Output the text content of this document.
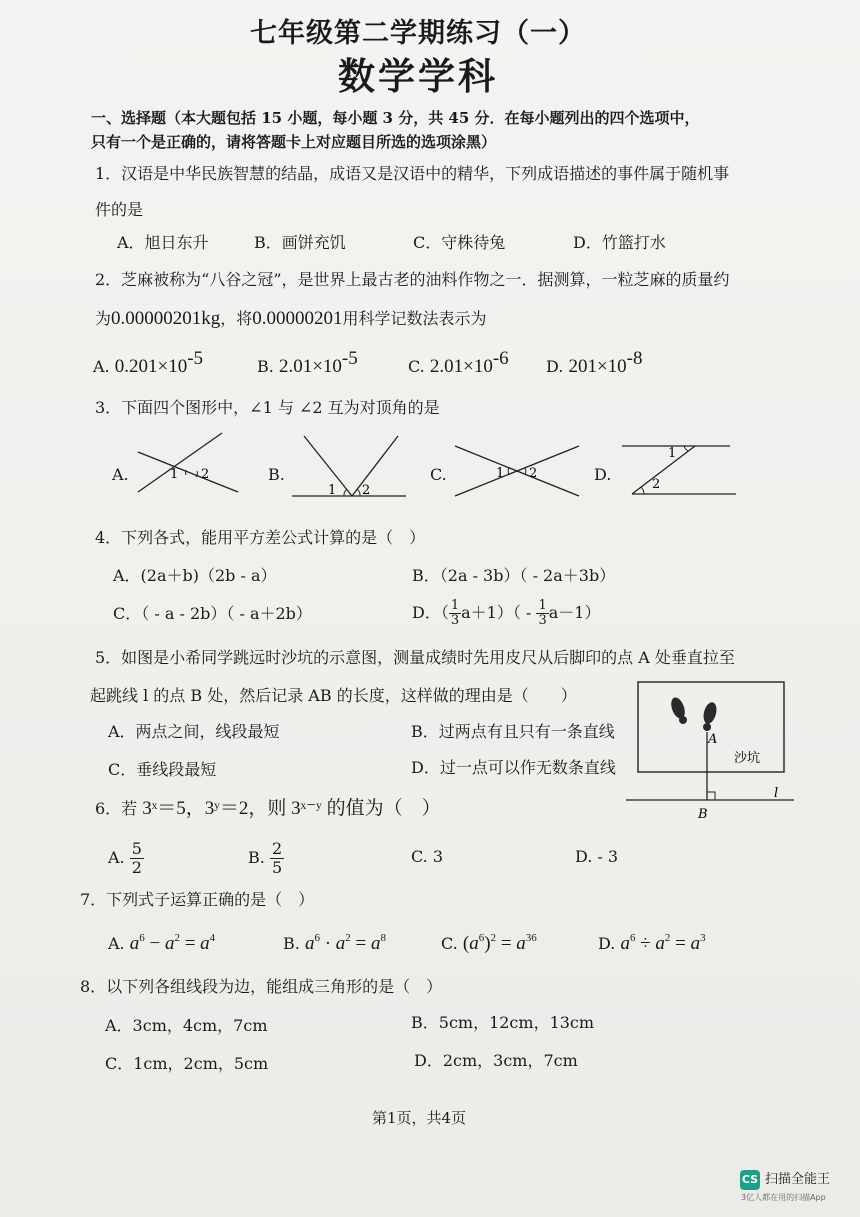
七年级第二学期练习（一）
数学学科
一、选择题（本大题包括 15 小题，每小题 3 分，共 45 分．在每小题列出的四个选项中，
只有一个是正确的，请将答题卡上对应题目所选的选项涂黑）
1．汉语是中华民族智慧的结晶，成语又是汉语中的精华，下列成语描述的事件属于随机事
件的是
A．旭日东升	B．画饼充饥	C．守株待兔	D．竹篮打水
2．芝麻被称为“八谷之冠”，是世界上最古老的油料作物之一．据测算，一粒芝麻的质量约
为0.00000201kg，将0.00000201用科学记数法表示为
A. $0.201\times 10^{-5}$	B. $2.01\times 10^{-5}$	C. $2.01\times 10^{-6}$ D. $201\times 10^{-8}$
3．下面四个图形中，∠1 与 ∠2 互为对顶角的是
A.	B.	C.	D.
1 2
1 2
1 2
1
2
4．下列各式，能用平方差公式计算的是（　）
A．(2a＋b)（2b - a）	B．（2a - 3b）（ - 2a＋3b）
C．（ - a - 2b）（ - a＋2b）	D．（ $\frac{1}{3} a+1)( - \frac{1}{3} a-1)$
5．如图是小希同学跳远时沙坑的示意图，测量成绩时先用皮尺从后脚印的点 A 处垂直拉至
起跳线 l 的点 B 处，然后记录 AB 的长度，这样做的理由是（　　）
A．两点之间，线段最短	B．过两点有且只有一条直线
C．垂线段最短	D．过一点可以作无数条直线
A
B
l
沙坑
6．若 3ˣ＝5，3ʸ＝2，则 3ˣ⁻ʸ 的值为（　）
A. $\frac{5}{2}$	B. $\frac{2}{5}$	C. 3	D. - 3
7．下列式子运算正确的是（　）
A. $a^6 - a^2 = a^4$	B. $a^6 \cdot a^2 = a^8$	C. $(a^6)^2 = a^{36}$	D. $a^6 \div a^2 = a^3$
8．以下列各组线段为边，能组成三角形的是（　）
A．3cm，4cm，7cm	B．5cm，12cm，13cm
C．1cm，2cm，5cm	D．2cm，3cm，7cm
第1页，共4页
CS 扫描全能王
3亿人都在用的扫描App
